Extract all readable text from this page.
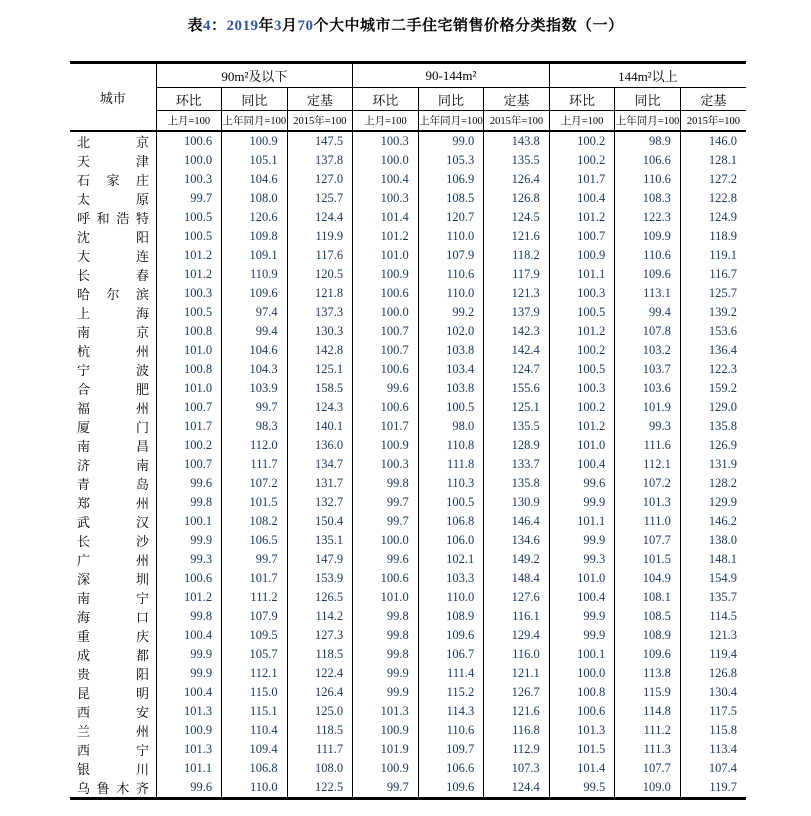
表4：2019年3月70个大中城市二手住宅销售价格分类指数（一）
城市	90m²及以下			90-144m²			144m²以上		
	环比	同比	定基	环比	同比	定基	环比	同比	定基
	上月=100	上年同月=100	2015年=100	上月=100	上年同月=100	2015年=100	上月=100	上年同月=100	2015年=100
北京	100.6	100.9	147.5	100.3	99.0	143.8	100.2	98.9	146.0
天津	100.0	105.1	137.8	100.0	105.3	135.5	100.2	106.6	128.1
石家庄	100.3	104.6	127.0	100.4	106.9	126.4	101.7	110.6	127.2
太原	99.7	108.0	125.7	100.3	108.5	126.8	100.4	108.3	122.8
呼和浩特	100.5	120.6	124.4	101.4	120.7	124.5	101.2	122.3	124.9
沈阳	100.5	109.8	119.9	101.2	110.0	121.6	100.7	109.9	118.9
大连	101.2	109.1	117.6	101.0	107.9	118.2	100.9	110.6	119.1
长春	101.2	110.9	120.5	100.9	110.6	117.9	101.1	109.6	116.7
哈尔滨	100.3	109.6	121.8	100.6	110.0	121.3	100.3	113.1	125.7
上海	100.5	97.4	137.3	100.0	99.2	137.9	100.5	99.4	139.2
南京	100.8	99.4	130.3	100.7	102.0	142.3	101.2	107.8	153.6
杭州	101.0	104.6	142.8	100.7	103.8	142.4	100.2	103.2	136.4
宁波	100.8	104.3	125.1	100.6	103.4	124.7	100.5	103.7	122.3
合肥	101.0	103.9	158.5	99.6	103.8	155.6	100.3	103.6	159.2
福州	100.7	99.7	124.3	100.6	100.5	125.1	100.2	101.9	129.0
厦门	101.7	98.3	140.1	101.7	98.0	135.5	101.2	99.3	135.8
南昌	100.2	112.0	136.0	100.9	110.8	128.9	101.0	111.6	126.9
济南	100.7	111.7	134.7	100.3	111.8	133.7	100.4	112.1	131.9
青岛	99.6	107.2	131.7	99.8	110.3	135.8	99.6	107.2	128.2
郑州	99.8	101.5	132.7	99.7	100.5	130.9	99.9	101.3	129.9
武汉	100.1	108.2	150.4	99.7	106.8	146.4	101.1	111.0	146.2
长沙	99.9	106.5	135.1	100.0	106.0	134.6	99.9	107.7	138.0
广州	99.3	99.7	147.9	99.6	102.1	149.2	99.3	101.5	148.1
深圳	100.6	101.7	153.9	100.6	103.3	148.4	101.0	104.9	154.9
南宁	101.2	111.2	126.5	101.0	110.0	127.6	100.4	108.1	135.7
海口	99.8	107.9	114.2	99.8	108.9	116.1	99.9	108.5	114.5
重庆	100.4	109.5	127.3	99.8	109.6	129.4	99.9	108.9	121.3
成都	99.9	105.7	118.5	99.8	106.7	116.0	100.1	109.6	119.4
贵阳	99.9	112.1	122.4	99.9	111.4	121.1	100.0	113.8	126.8
昆明	100.4	115.0	126.4	99.9	115.2	126.7	100.8	115.9	130.4
西安	101.3	115.1	125.0	101.3	114.3	121.6	100.6	114.8	117.5
兰州	100.9	110.4	118.5	100.9	110.6	116.8	101.3	111.2	115.8
西宁	101.3	109.4	111.7	101.9	109.7	112.9	101.5	111.3	113.4
银川	101.1	106.8	108.0	100.9	106.6	107.3	101.4	107.7	107.4
乌鲁木齐	99.6	110.0	122.5	99.7	109.6	124.4	99.5	109.0	119.7
